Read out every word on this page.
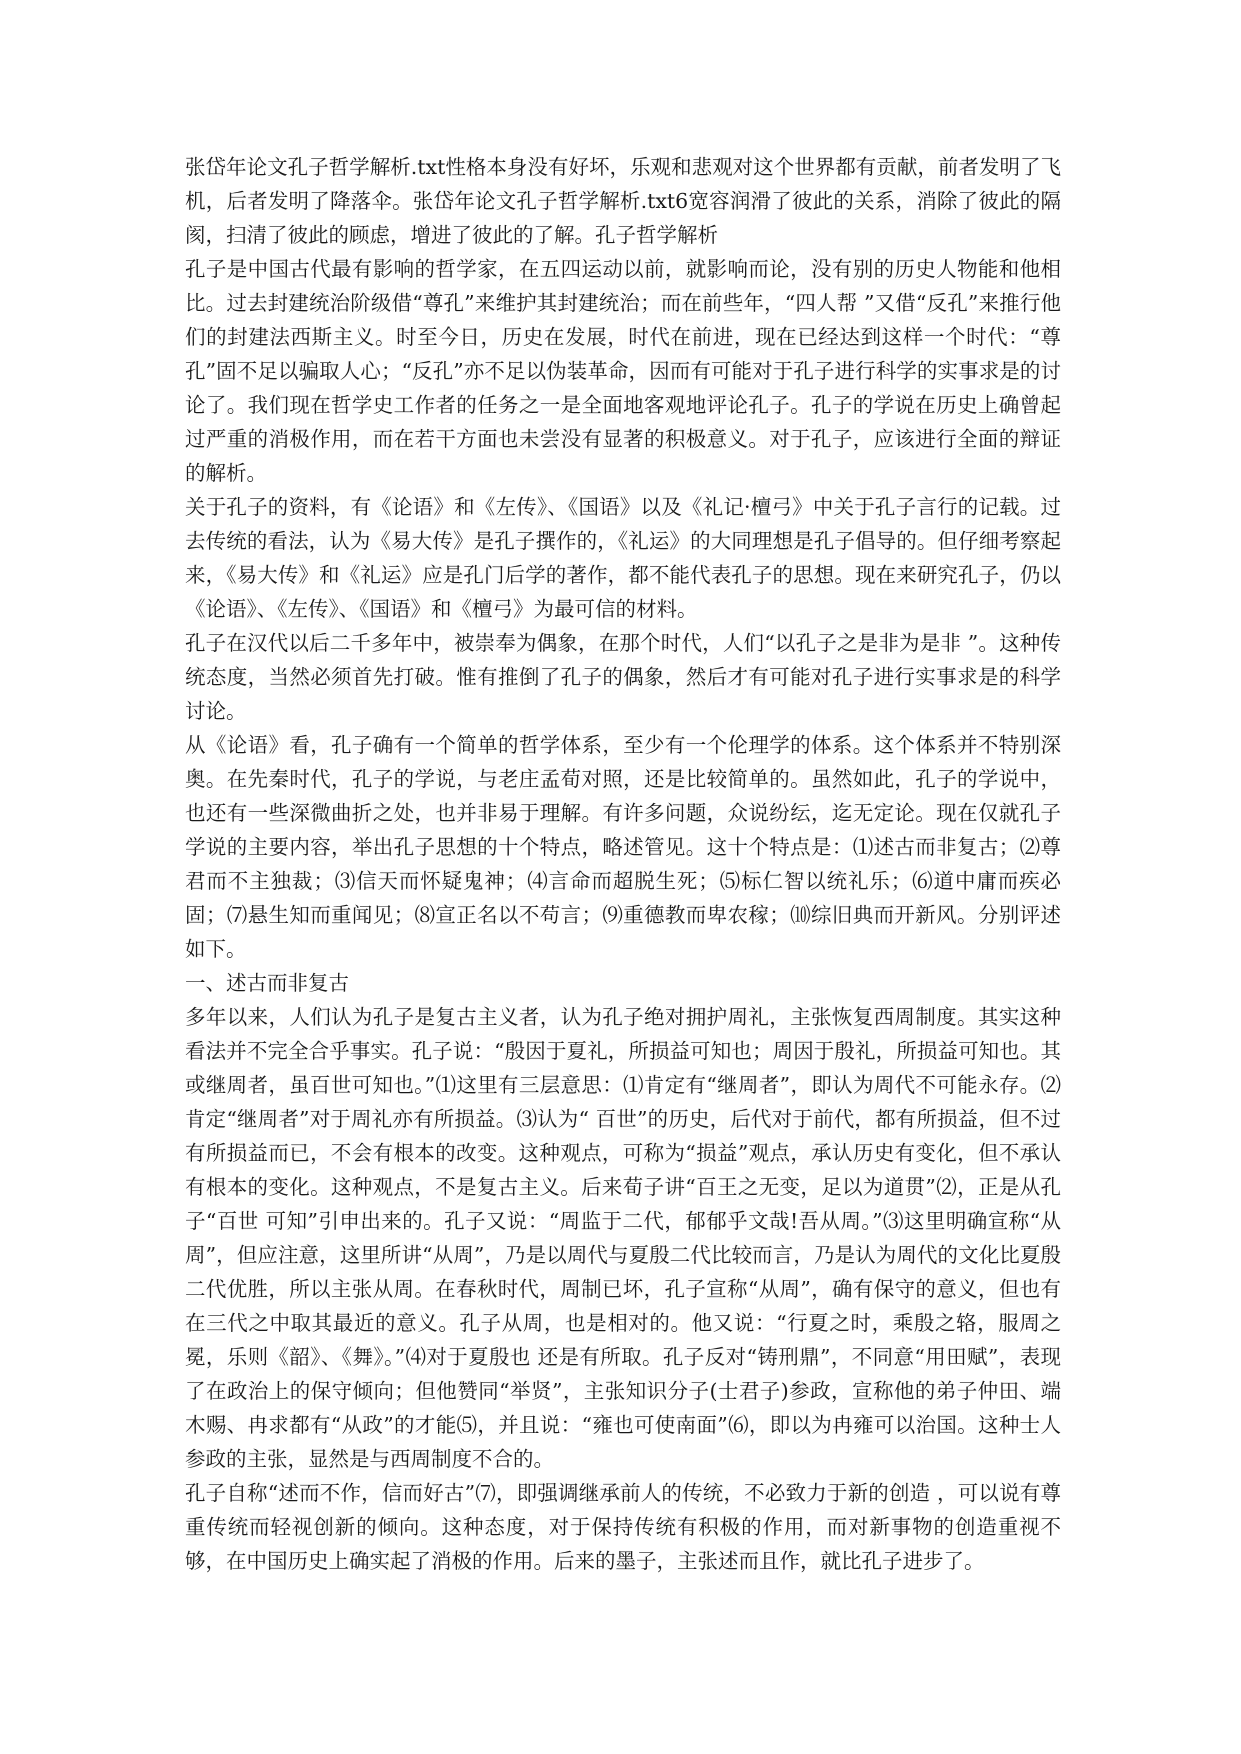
张岱年论文孔子哲学解析.txt性格本身没有好坏，乐观和悲观对这个世界都有贡献，前者发明了飞机，后者发明了降落伞。张岱年论文孔子哲学解析.txt6宽容润滑了彼此的关系，消除了彼此的隔阂，扫清了彼此的顾虑，增进了彼此的了解。孔子哲学解析

孔子是中国古代最有影响的哲学家，在五四运动以前，就影响而论，没有别的历史人物能和他相比。过去封建统治阶级借“尊孔”来维护其封建统治；而在前些年，“四人帮 ”又借“反孔”来推行他们的封建法西斯主义。时至今日，历史在发展，时代在前进，现在已经达到这样一个时代：“尊孔”固不足以骗取人心；“反孔”亦不足以伪装革命，因而有可能对于孔子进行科学的实事求是的讨论了。我们现在哲学史工作者的任务之一是全面地客观地评论孔子。孔子的学说在历史上确曾起过严重的消极作用，而在若干方面也未尝没有显著的积极意义。对于孔子，应该进行全面的辩证的解析。

关于孔子的资料，有《论语》和《左传》、《国语》以及《礼记·檀弓》中关于孔子言行的记载。过去传统的看法，认为《易大传》是孔子撰作的，《礼运》的大同理想是孔子倡导的。但仔细考察起来，《易大传》和《礼运》应是孔门后学的著作，都不能代表孔子的思想。现在来研究孔子，仍以《论语》、《左传》、《国语》和《檀弓》为最可信的材料。

孔子在汉代以后二千多年中，被崇奉为偶象，在那个时代，人们“以孔子之是非为是非 ”。这种传统态度，当然必须首先打破。惟有推倒了孔子的偶象，然后才有可能对孔子进行实事求是的科学讨论。

从《论语》看，孔子确有一个简单的哲学体系，至少有一个伦理学的体系。这个体系并不特别深奥。在先秦时代，孔子的学说，与老庄孟荀对照，还是比较简单的。虽然如此，孔子的学说中，也还有一些深微曲折之处，也并非易于理解。有许多问题，众说纷纭，迄无定论。现在仅就孔子学说的主要内容，举出孔子思想的十个特点，略述管见。这十个特点是：⑴述古而非复古；⑵尊君而不主独裁；⑶信天而怀疑鬼神；⑷言命而超脱生死；⑸标仁智以统礼乐；⑹道中庸而疾必固；⑺悬生知而重闻见；⑻宣正名以不苟言；⑼重德教而卑农稼；⑽综旧典而开新风。分别评述如下。

一、述古而非复古

多年以来，人们认为孔子是复古主义者，认为孔子绝对拥护周礼，主张恢复西周制度。其实这种看法并不完全合乎事实。孔子说：“殷因于夏礼，所损益可知也；周因于殷礼，所损益可知也。其或继周者，虽百世可知也。”⑴这里有三层意思：⑴肯定有“继周者”，即认为周代不可能永存。⑵肯定“继周者”对于周礼亦有所损益。⑶认为“ 百世”的历史，后代对于前代，都有所损益，但不过有所损益而已，不会有根本的改变。这种观点，可称为“损益”观点，承认历史有变化，但不承认有根本的变化。这种观点，不是复古主义。后来荀子讲“百王之无变，足以为道贯”⑵，正是从孔子“百世 可知”引申出来的。孔子又说：“周监于二代，郁郁乎文哉!吾从周。”⑶这里明确宣称“从周”，但应注意，这里所讲“从周”，乃是以周代与夏殷二代比较而言，乃是认为周代的文化比夏殷二代优胜，所以主张从周。在春秋时代，周制已坏，孔子宣称“从周”，确有保守的意义，但也有在三代之中取其最近的意义。孔子从周，也是相对的。他又说：“行夏之时，乘殷之辂，服周之冕，乐则《韶》、《舞》。”⑷对于夏殷也 还是有所取。孔子反对“铸刑鼎”，不同意“用田赋”，表现了在政治上的保守倾向；但他赞同“举贤”，主张知识分子(士君子)参政，宣称他的弟子仲田、端木赐、冉求都有“从政”的才能⑸，并且说：“雍也可使南面”⑹，即以为冉雍可以治国。这种士人参政的主张，显然是与西周制度不合的。

孔子自称“述而不作，信而好古”⑺，即强调继承前人的传统，不必致力于新的创造 ，可以说有尊重传统而轻视创新的倾向。这种态度，对于保持传统有积极的作用，而对新事物的创造重视不够，在中国历史上确实起了消极的作用。后来的墨子，主张述而且作，就比孔子进步了。
